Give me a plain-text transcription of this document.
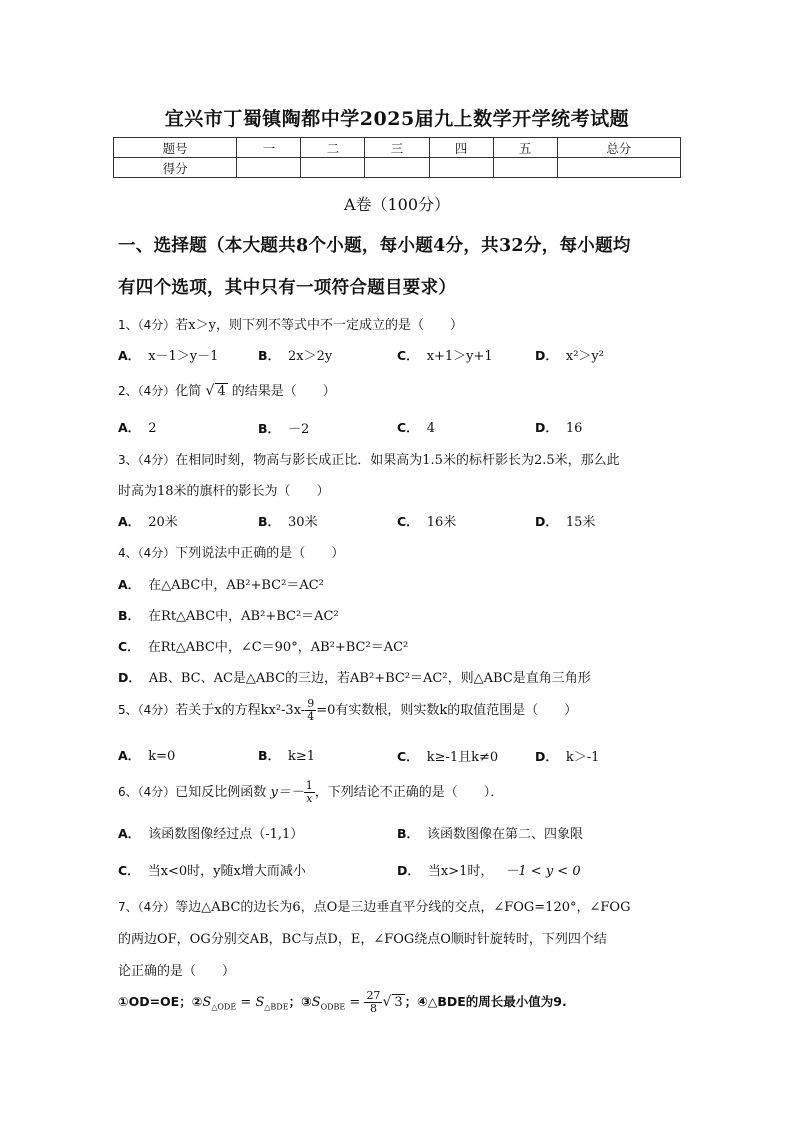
宜兴市丁蜀镇陶都中学2025届九上数学开学统考试题
题号	一	二	三	四	五	总分
得分						
A卷（100分）
一、选择题（本大题共8个小题，每小题4分，共32分，每小题均
有四个选项，其中只有一项符合题目要求）
1、（4分）若x＞y，则下列不等式中不一定成立的是（　　）
A． x－1＞y－1	B． 2x＞2y	C． x+1＞y+1	D． x²＞y²
2、（4分）化简 √ 4 的结果是（　　）
A． 2	B． －2	C． 4	D． 16
3、（4分）在相同时刻，物高与影长成正比．如果高为1.5米的标杆影长为2.5米，那么此
时高为18米的旗杆的影长为（　　）
A． 20米	B． 30米	C． 16米	D． 15米
4、（4分）下列说法中正确的是（　　）
A． 在△ABC中，AB²+BC²＝AC²
B． 在Rt△ABC中，AB²+BC²＝AC²
C． 在Rt△ABC中，∠C＝90°，AB²+BC²＝AC²
D． AB、BC、AC是△ABC的三边，若AB²+BC²＝AC²，则△ABC是直角三角形
5、（4分）若关于x的方程$kx^2-3x- \frac{9}{4} =0$有实数根，则实数k的取值范围是（　　）
A． k=0	B． k≥1	C． k≥-1且k≠0	D． k＞-1
6、（4分）已知反比例函数 $y=- \frac{1}{x}$ ，下列结论不正确的是（　　）．
A． 该函数图像经过点（-1,1）	B． 该函数图像在第二、四象限
C． 当x<0时，y随x增大而减小	D． 当x>1时， －1 < y < 0
7、（4分）等边△ABC的边长为6，点O是三边垂直平分线的交点，∠FOG=120°，∠FOG
的两边OF，OG分别交AB，BC与点D，E，∠FOG绕点O顺时针旋转时，下列四个结
论正确的是（　　）
①OD=OE；$②S_{\triangle ODE} = S_{\triangle BDE}$；$③S_{ODBE} = \frac{27}{8}$ √ 3 ；④△BDE的周长最小值为9.
